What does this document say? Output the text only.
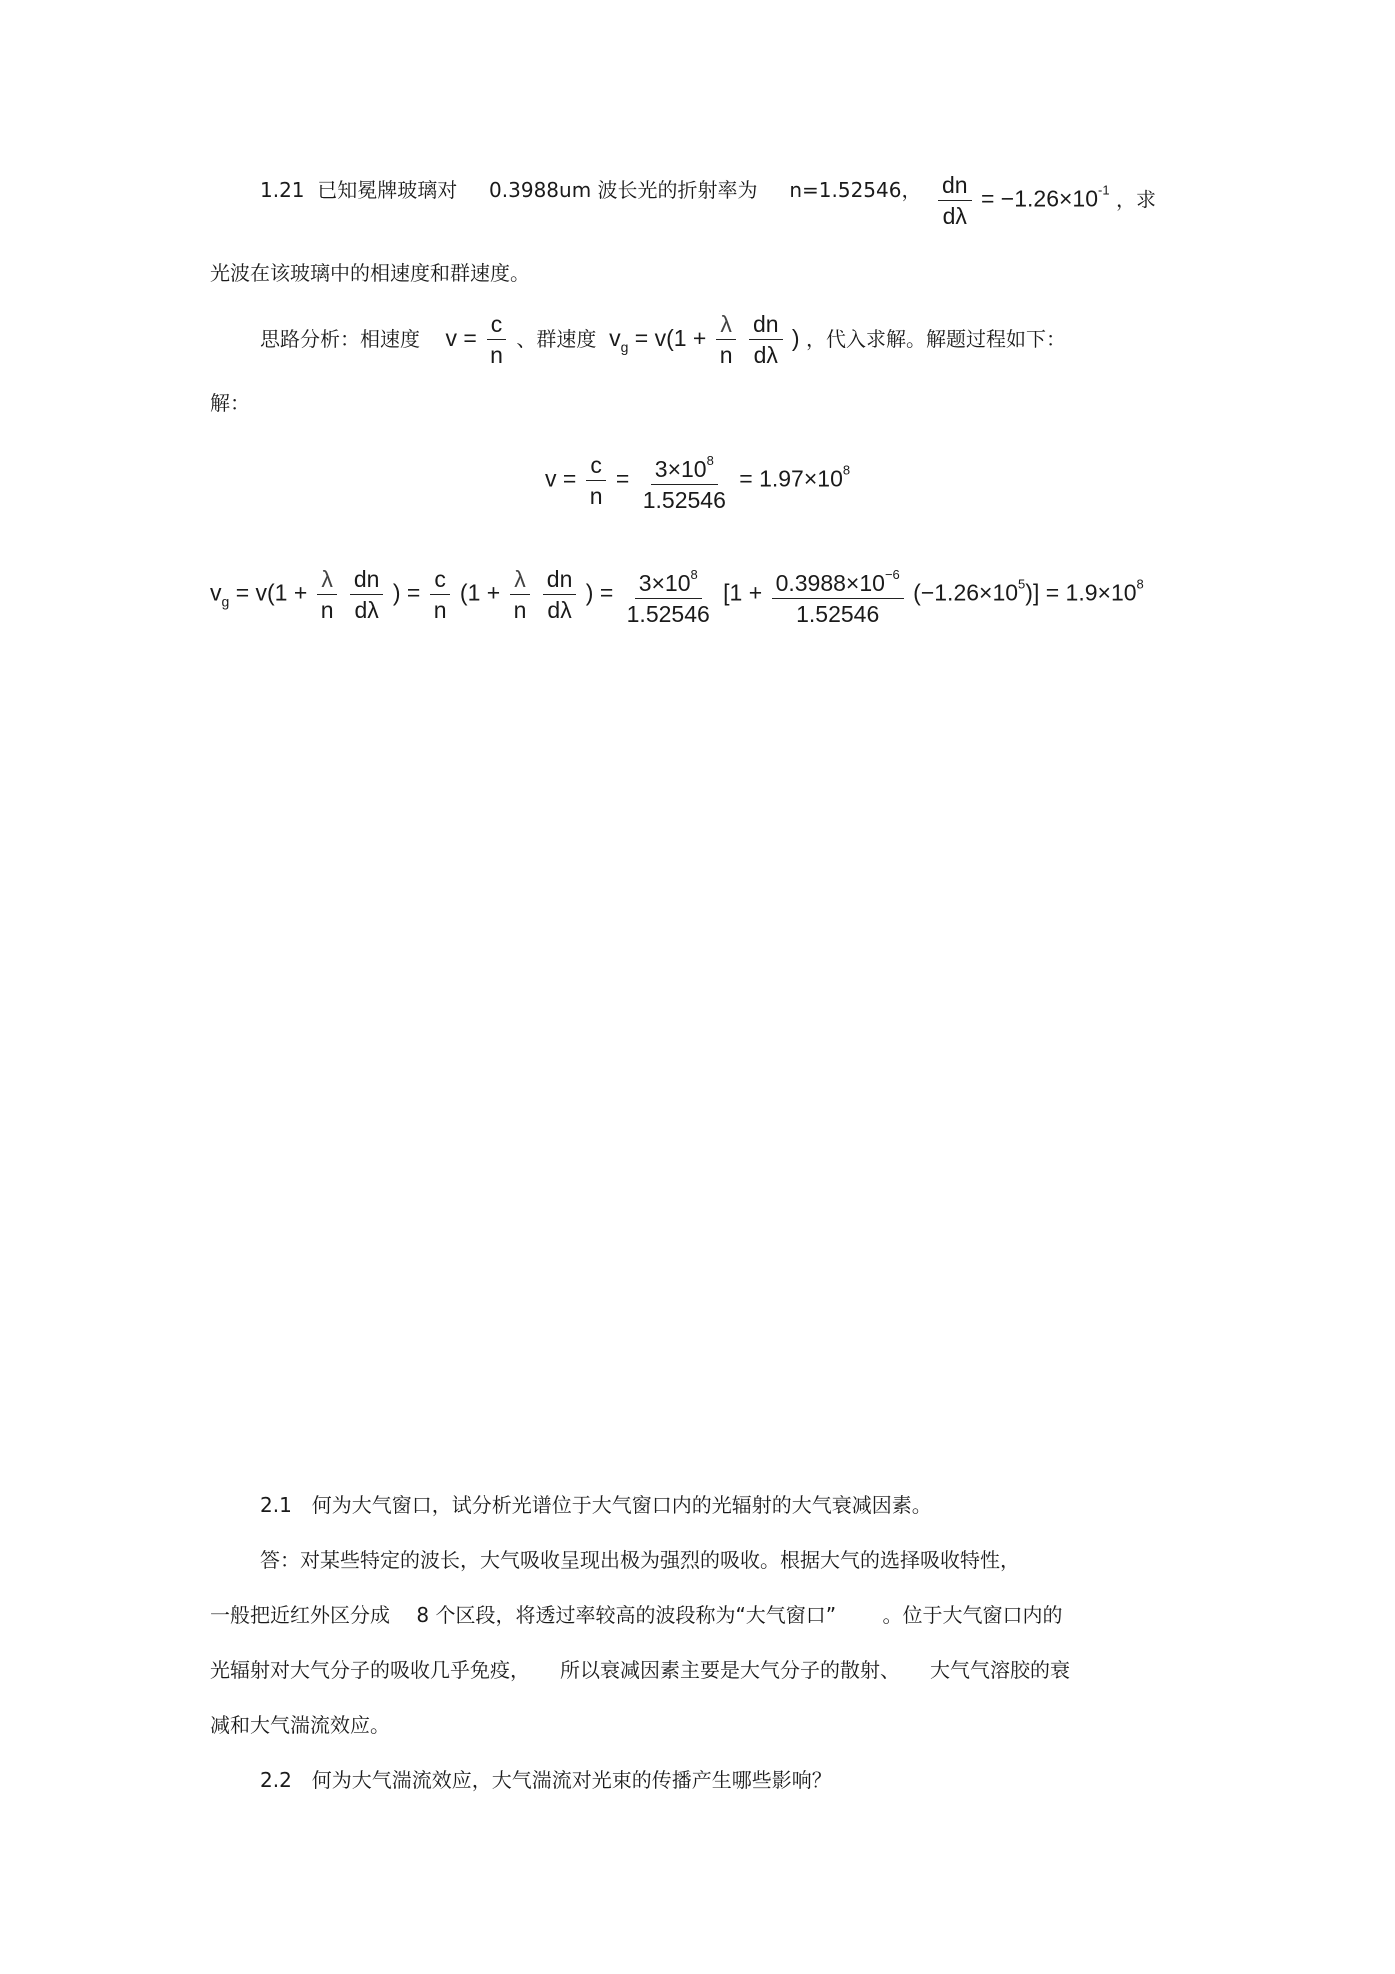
1.21 已知冕牌玻璃对 0.3988um 波长光的折射率为 n=1.52546， $\frac{dn}{d\lambda} = -1.26\times 10^{-1}$ ，求
光波在该玻璃中的相速度和群速度。
思路分析：相速度 $v = \frac{c}{n}$ 、群速度 $v_g = v(1 + \frac{\lambda}{n}$
$\frac{dn}{d\lambda}$ ) ，代入求解。解题过程如下：
解：
$v = \frac{c}{n} = \frac{3\times 10^8}{1.52546} = 1.97\times 10^8$
$v_g = v(1 + \frac{\lambda}{n}$
$\frac{dn}{d\lambda}$ ) = $\frac{c}{n} (1 + \frac{\lambda}{n}$
$\frac{dn}{d\lambda}$ ) = $\frac{3\times 10^8}{1.52546} [1 + \frac{0.3988\times 10^{-6}}{1.52546} (-1.26\times 10^5)] = 1.9\times 10^8$
2.1　何为大气窗口，试分析光谱位于大气窗口内的光辐射的大气衰减因素。
答：对某些特定的波长，大气吸收呈现出极为强烈的吸收。根据大气的选择吸收特性，
一般把近红外区分成　 8 个区段，将透过率较高的波段称为“大气窗口”　　 。位于大气窗口内的
光辐射对大气分子的吸收几乎免疫，　　所以衰减因素主要是大气分子的散射、　　大气气溶胶的衰
减和大气湍流效应。
2.2　何为大气湍流效应，大气湍流对光束的传播产生哪些影响？
